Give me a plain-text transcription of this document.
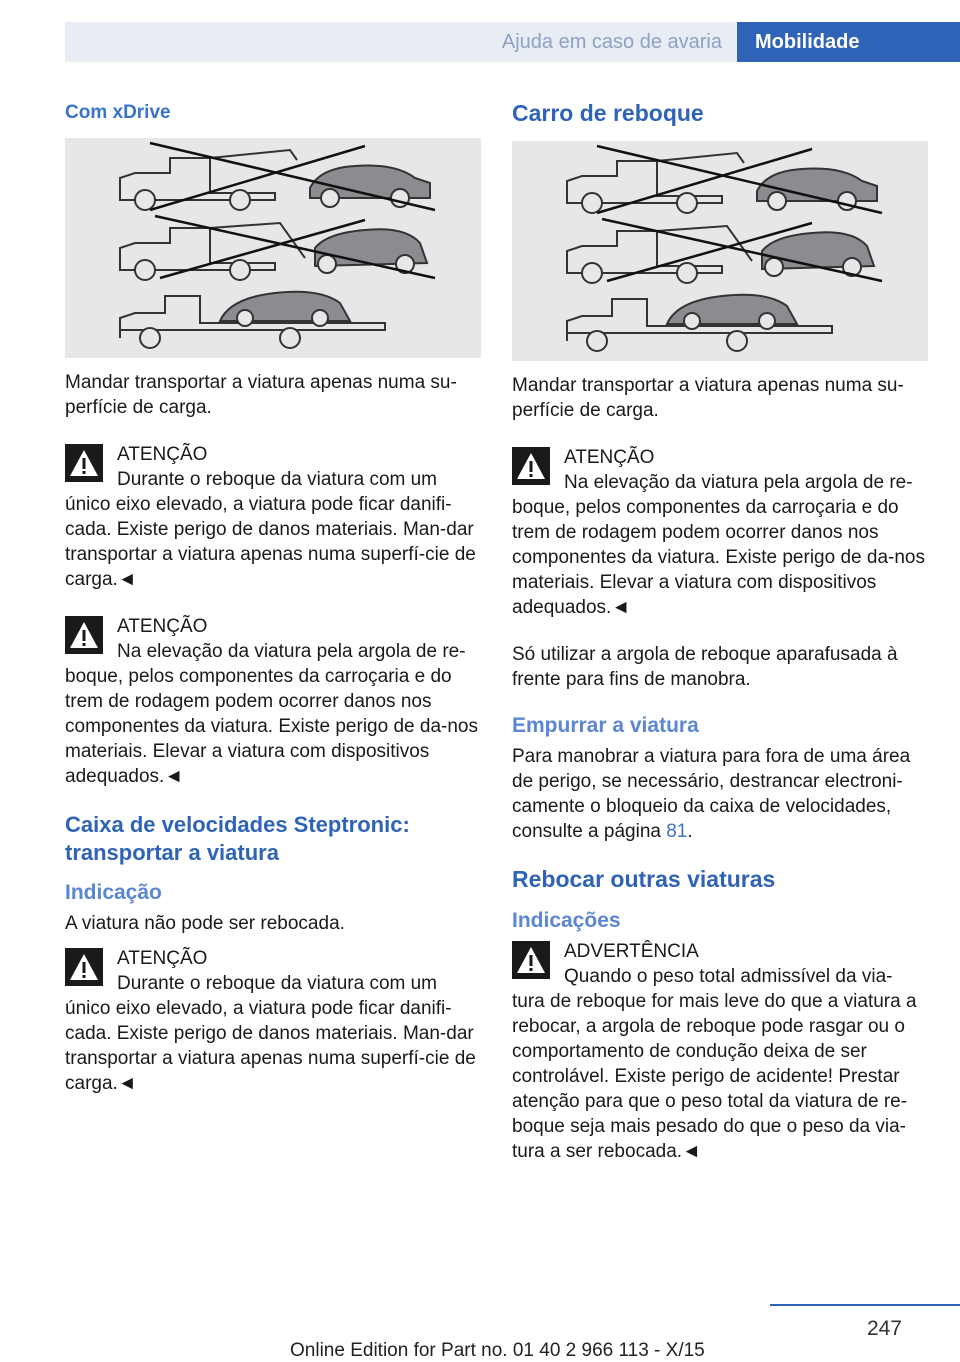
Ajuda em caso de avaria Mobilidade
Com xDrive

Mandar transportar a viatura apenas numa su-perfície de carga.

ATENÇÃO
Durante o reboque da viatura com um
único eixo elevado, a viatura pode ficar danifi-cada. Existe perigo de danos materiais. Man-dar transportar a viatura apenas numa superfí-cie de carga.◄
ATENÇÃO
Na elevação da viatura pela argola de re-
boque, pelos componentes da carroçaria e do trem de rodagem podem ocorrer danos nos componentes da viatura. Existe perigo de da-nos materiais. Elevar a viatura com dispositivos adequados.◄
Caixa de velocidades Steptronic: transportar a viatura
Indicação

A viatura não pode ser rebocada.

ATENÇÃO
Durante o reboque da viatura com um
único eixo elevado, a viatura pode ficar danifi-cada. Existe perigo de danos materiais. Man-dar transportar a viatura apenas numa superfí-cie de carga.◄
Carro de reboque

Mandar transportar a viatura apenas numa su-perfície de carga.

ATENÇÃO
Na elevação da viatura pela argola de re-
boque, pelos componentes da carroçaria e do trem de rodagem podem ocorrer danos nos componentes da viatura. Existe perigo de da-nos materiais. Elevar a viatura com dispositivos adequados.◄

Só utilizar a argola de reboque aparafusada à frente para fins de manobra.

Empurrar a viatura

Para manobrar a viatura para fora de uma área de perigo, se necessário, destrancar electroni-camente o bloqueio da caixa de velocidades, consulte a página 81.

Rebocar outras viaturas
Indicações
ADVERTÊNCIA
Quando o peso total admissível da via-
tura de reboque for mais leve do que a viatura a rebocar, a argola de reboque pode rasgar ou o comportamento de condução deixa de ser controlável. Existe perigo de acidente! Prestar atenção para que o peso total da viatura de re-boque seja mais pesado do que o peso da via-tura a ser rebocada.◄
247
Online Edition for Part no. 01 40 2 966 113 - X/15
